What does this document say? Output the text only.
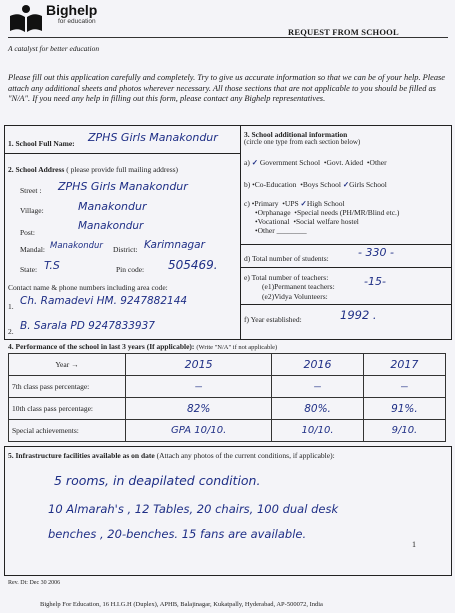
Bighelp
for education
REQUEST FROM SCHOOL
A catalyst for better education
Please fill out this application carefully and completely. Try to give us accurate information so that we can be of your help. Please attach any additional sheets and photos wherever necessary. All those sections that are not applicable to you should be filled as "N/A". If you need any help in filling out this form, please contact any Bighelp representatives.
1. School Full Name: ZPHS Girls Manakondur
2. School Address ( please provide full mailing address)
Street : ZPHS Girls Manakondur
Village:	Manakondur
Post:
Manakondur
Mandal: Manakondur District: Karimnagar
State: T.S	Pin code: 505469.
Contact name & phone numbers including area code:
1. Ch. Ramadevi HM. 9247882144
2. B. Sarala PD 9247833937
3. School additional information
(circle one type from each section below)
a) ✓ Government School  •Govt. Aided  •Other
b) •Co-Education  •Boys School ✓Girls School
c) •Primary  •UPS ✓High School
•Orphanage  •Special needs (PH/MR/Blind etc.)
•Vocational  •Social welfare hostel
•Other ________
d) Total number of students:	- 330 -
e) Total number of teachers:
(e1)Permanent teachers:	-15-
(e2)Vidya Volunteers:
f) Year established:	1992 .
4. Performance of the school in last 3 years (If applicable): (Write "N/A" if not applicable)
Year →	2015	2016	2017
7th class pass percentage:	—	—	—
10th class pass percentage:	82%	80%.	91%.
Special achievements:	GPA 10/10.	10/10.	9/10.
5. Infrastructure facilities available as on date (Attach any photos of the current conditions, if applicable):
5 rooms, in deapilated condition.
10 Almarah's , 12 Tables, 20 chairs, 100 dual desk
benches , 20-benches. 15 fans are available.
1
Rev. Dt: Dec 30 2006
Bighelp For Education, 16 H.I.G.H (Duplex), APHB, Balajinagar, Kukatpally, Hyderabad, AP-500072, India
